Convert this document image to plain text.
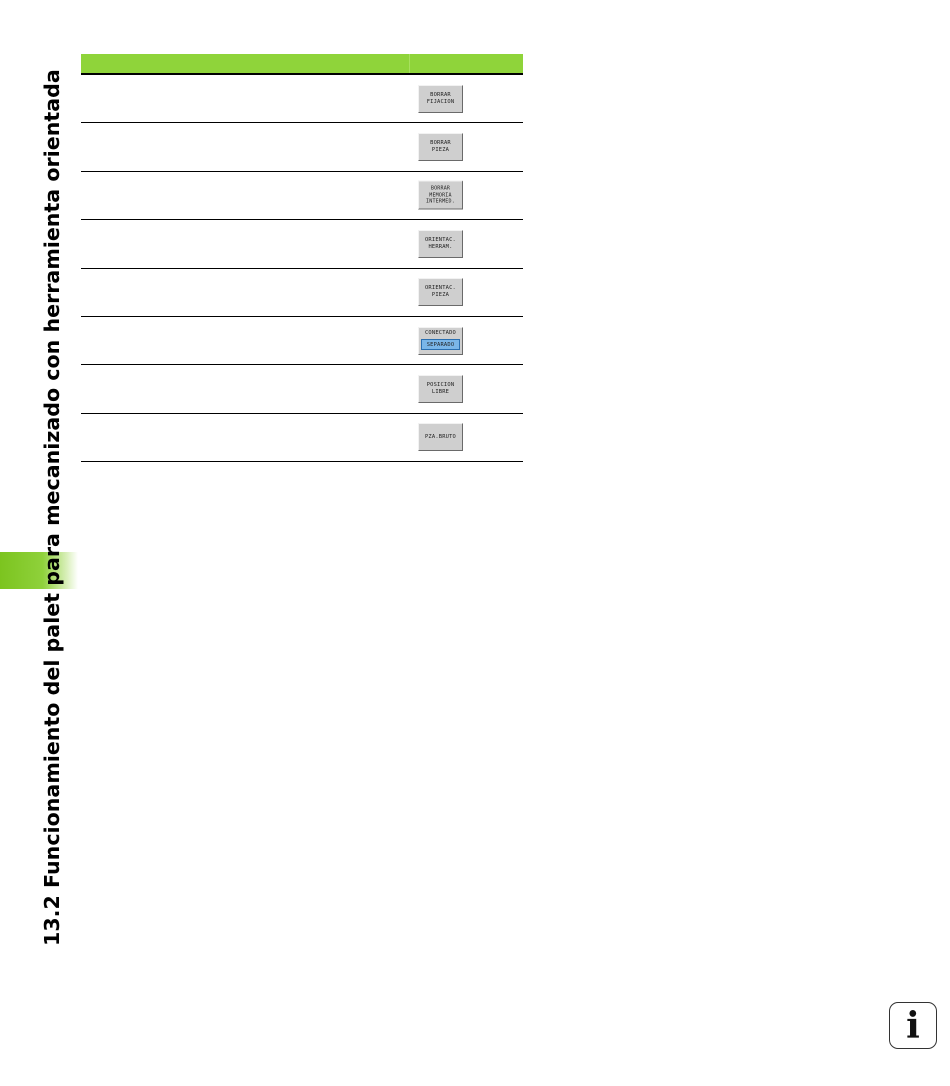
13.2 Funcionamiento del palet para mecanizado con herramienta orientada	BORRAR
FIJACION
BORRAR
PIEZA
BORRAR
MEMORIA
INTERMED.
ORIENTAC.
HERRAM.
ORIENTAC.
PIEZA
CONECTADO
SEPARADO
POSICION
LIBRE
PZA.BRUTO
i
